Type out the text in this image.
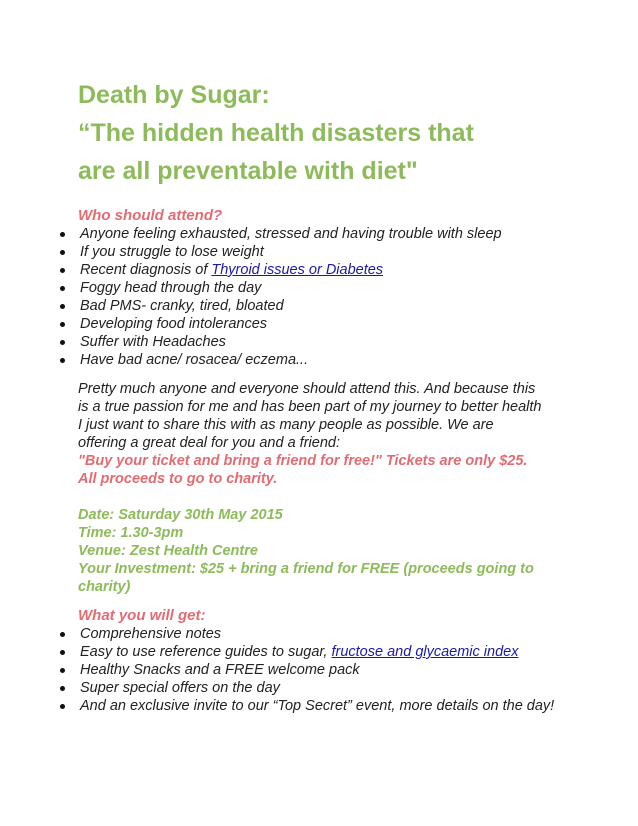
Death by Sugar:
“The hidden health disasters that
are all preventable with diet"

Who should attend?

Anyone feeling exhausted, stressed and having trouble with sleep
If you struggle to lose weight
Recent diagnosis of Thyroid issues or Diabetes
Foggy head through the day
Bad PMS- cranky, tired, bloated
Developing food intolerances
Suffer with Headaches
Have bad acne/ rosacea/ eczema...
Pretty much anyone and everyone should attend this. And because this
is a true passion for me and has been part of my journey to better health
I just want to share this with as many people as possible. We are
offering a great deal for you and a friend:
"Buy your ticket and bring a friend for free!" Tickets are only $25.
All proceeds to go to charity.
Date: Saturday 30th May 2015
Time: 1.30-3pm
Venue: Zest Health Centre
Your Investment: $25 + bring a friend for FREE (proceeds going to
charity)

What you will get:

Comprehensive notes
Easy to use reference guides to sugar, fructose and glycaemic index
Healthy Snacks and a FREE welcome pack
Super special offers on the day
And an exclusive invite to our “Top Secret” event, more details on the day!
